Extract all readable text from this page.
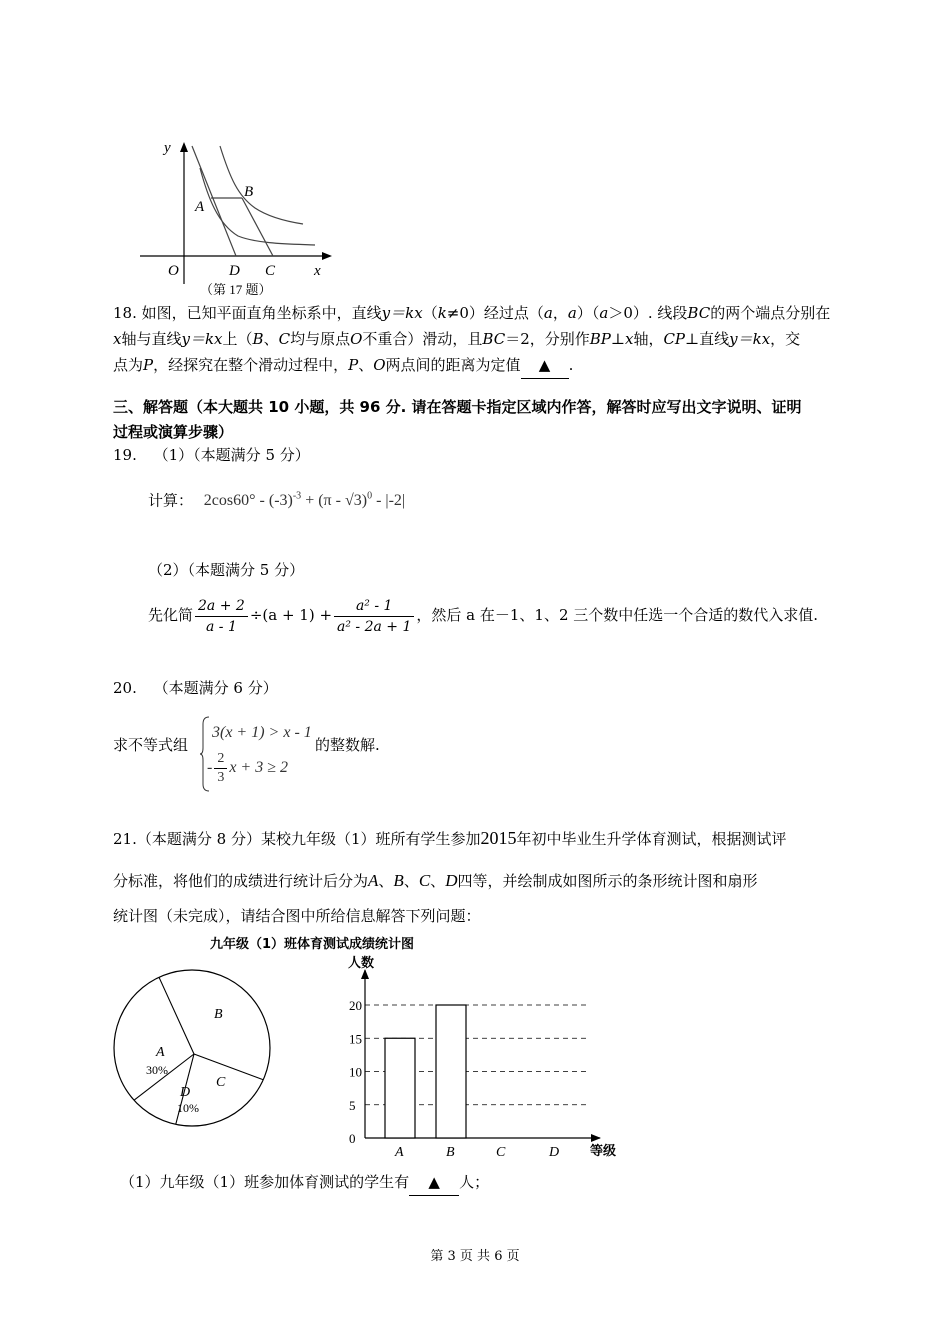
y
x
O
A
B
D C
（第 17 题）
18. 如图，已知平面直角坐标系中，直线y＝kx（k≠0）经过点（a，a）（a＞0）. 线段BC的两个端点分别在
x轴与直线y＝kx上（B、C均与原点O不重合）滑动，且BC＝2，分别作BP⊥x轴，CP⊥直线y＝kx，交
点为P，经探究在整个滑动过程中，P、O两点间的距离为定值 ▲ .
三、解答题（本大题共 10 小题，共 96 分. 请在答题卡指定区域内作答，解答时应写出文字说明、证明
过程或演算步骤）
19. （1）（本题满分 5 分）
计算： $2\cos 60^\circ - (-3)^{-3} + (\pi - √3)^0 - |-2|$
（2）（本题满分 5 分）
先化简 $\frac{2a + 2}{a - 1} \div(a + 1) + \frac{\text{a² - 1}}{\text{a² - 2a + 1}}$ ，然后 a 在－1、1、2 三个数中任选一个合适的数代入求值.
20. （本题满分 6 分）
求不等式组
3(x + 1) > x - 1
- $\frac{2}{3}$ x + 3 ≥ 2
的整数解.
21.（本题满分 8 分）某校九年级（1）班所有学生参加2015年初中毕业生升学体育测试，根据测试评
分标准，将他们的成绩进行统计后分为A、B、C、D四等，并绘制成如图所示的条形统计图和扇形
统计图（未完成），请结合图中所给信息解答下列问题：
九年级（1）班体育测试成绩统计图
A
30%
B
C
D
10%
人数
等级
0
5
10
15
20
A	B	C	D
（1）九年级（1）班参加体育测试的学生有 ▲ 人；
第 3 页 共 6 页
